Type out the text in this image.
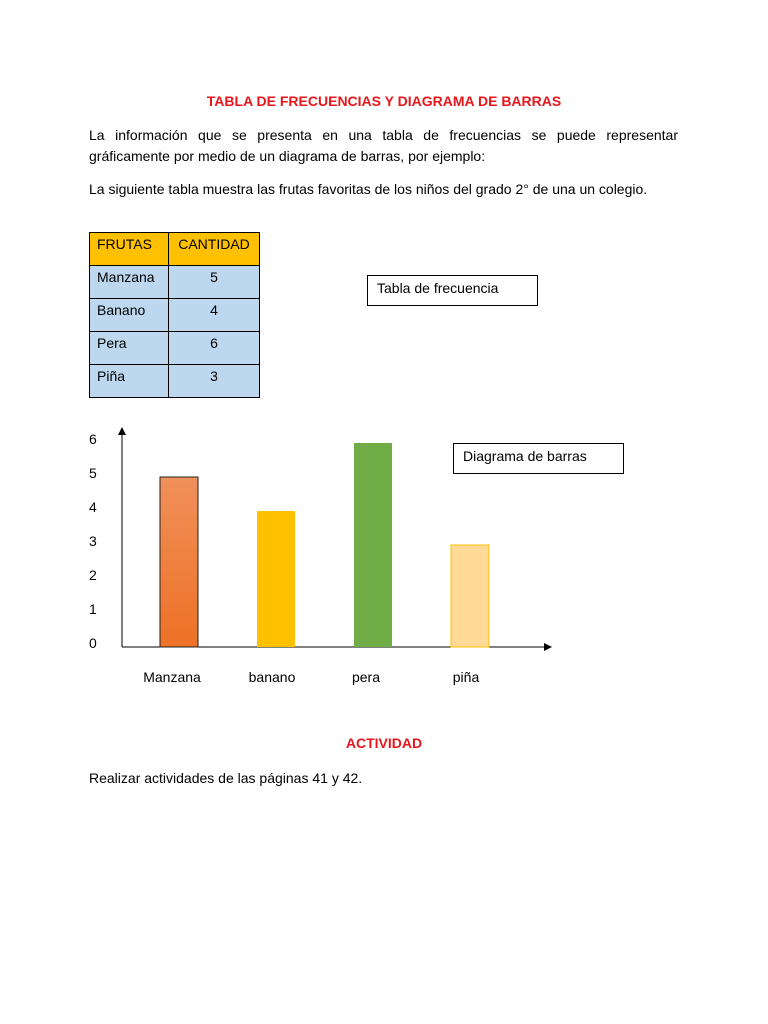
TABLA DE FRECUENCIAS Y DIAGRAMA DE BARRAS
La información que se presenta en una tabla de frecuencias se puede representar gráficamente por medio de un diagrama de barras, por ejemplo:
La siguiente tabla muestra las frutas favoritas de los niños del grado 2° de una un colegio.
FRUTAS	CANTIDAD
Manzana	5
Banano	4
Pera	6
Piña	3
Tabla de frecuencia
0
1
2
3
4
5
6
Manzana	banano	pera	piña
Diagrama de barras
ACTIVIDAD
Realizar actividades de las páginas 41 y 42.
